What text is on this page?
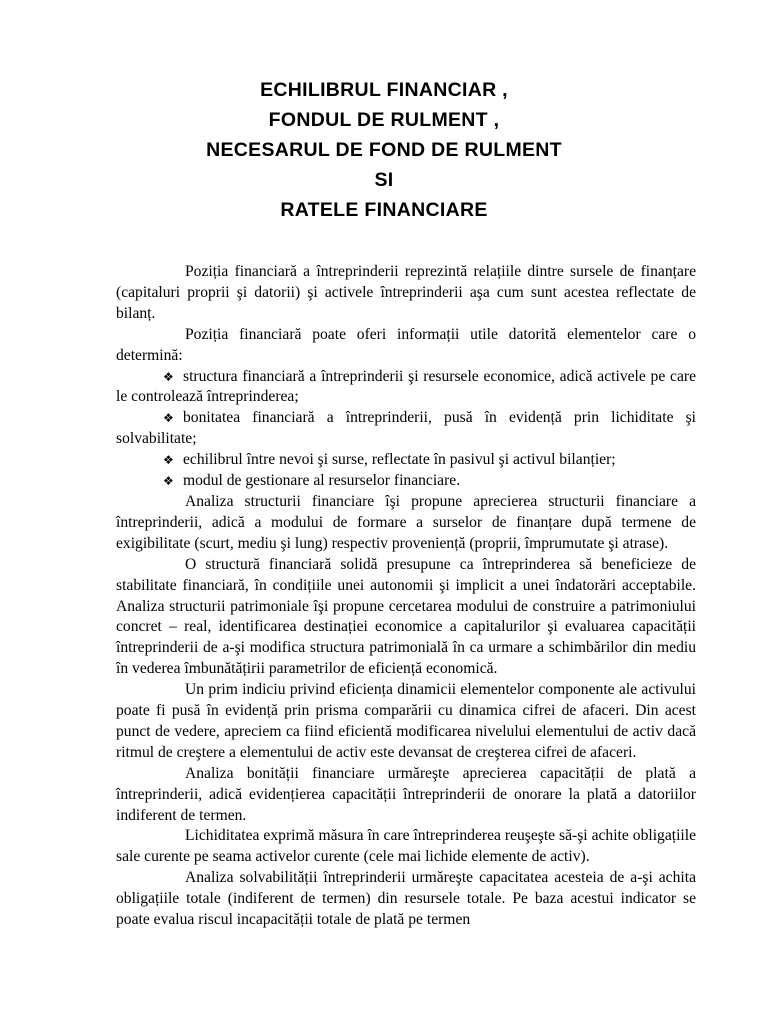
ECHILIBRUL FINANCIAR ,
FONDUL DE RULMENT ,
NECESARUL DE FOND DE RULMENT
SI
RATELE FINANCIARE

Poziția financiară a întreprinderii reprezintă relațiile dintre sursele de finanțare (capitaluri proprii şi datorii) şi activele întreprinderii aşa cum sunt acestea reflectate de bilanț.

Poziția financiară poate oferi informații utile datorită elementelor care o determină:

❖ structura financiară a întreprinderii şi resursele economice, adică activele pe care le controlează întreprinderea;

❖ bonitatea financiară a întreprinderii, pusă în evidență prin lichiditate şi solvabilitate;

❖ echilibrul între nevoi şi surse, reflectate în pasivul şi activul bilanțier;

❖ modul de gestionare al resurselor financiare.

Analiza structurii financiare îşi propune aprecierea structurii financiare a întreprinderii, adică a modului de formare a surselor de finanțare după termene de exigibilitate (scurt, mediu şi lung) respectiv proveniență (proprii, împrumutate şi atrase).

O structură financiară solidă presupune ca întreprinderea să beneficieze de stabilitate financiară, în condițiile unei autonomii şi implicit a unei îndatorări acceptabile. Analiza structurii patrimoniale îşi propune cercetarea modului de construire a patrimoniului concret – real, identificarea destinației economice a capitalurilor şi evaluarea capacității întreprinderii de a-şi modifica structura patrimonială în ca urmare a schimbărilor din mediu în vederea îmbunătățirii parametrilor de eficiență economică.

Un prim indiciu privind eficiența dinamicii elementelor componente ale activului poate fi pusă în evidență prin prisma comparării cu dinamica cifrei de afaceri. Din acest punct de vedere, apreciem ca fiind eficientă modificarea nivelului elementului de activ dacă ritmul de creştere a elementului de activ este devansat de creşterea cifrei de afaceri.

Analiza bonității financiare urmăreşte aprecierea capacității de plată a întreprinderii, adică evidențierea capacității întreprinderii de onorare la plată a datoriilor indiferent de termen.

Lichiditatea exprimă măsura în care întreprinderea reuşeşte să-şi achite obligațiile sale curente pe seama activelor curente (cele mai lichide elemente de activ).

Analiza solvabilității întreprinderii urmăreşte capacitatea acesteia de a-şi achita obligațiile totale (indiferent de termen) din resursele totale. Pe baza acestui indicator se poate evalua riscul incapacității totale de plată pe termen
